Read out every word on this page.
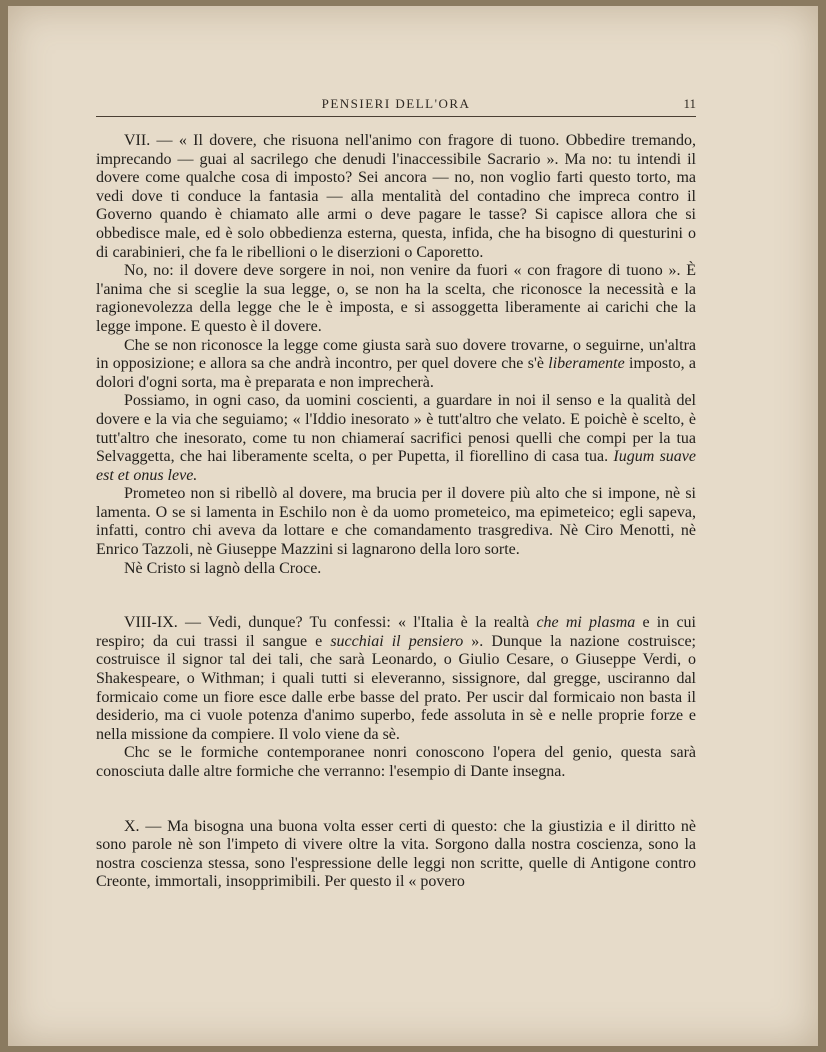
PENSIERI DELL'ORA	11

VII. — « Il dovere, che risuona nell'animo con fragore di tuono. Obbedire tremando, imprecando — guai al sacrilego che denudi l'inaccessibile Sacrario ». Ma no: tu intendi il dovere come qualche cosa di imposto? Sei ancora — no, non voglio farti questo torto, ma vedi dove ti conduce la fantasia — alla mentalità del contadino che impreca contro il Governo quando è chiamato alle armi o deve pagare le tasse? Si capisce allora che si obbedisce male, ed è solo obbedienza esterna, questa, infida, che ha bisogno di questurini o di carabinieri, che fa le ribellioni o le diserzioni o Caporetto.

No, no: il dovere deve sorgere in noi, non venire da fuori « con fragore di tuono ». È l'anima che si sceglie la sua legge, o, se non ha la scelta, che riconosce la necessità e la ragionevolezza della legge che le è imposta, e si assoggetta liberamente ai carichi che la legge impone. E questo è il dovere.

Che se non riconosce la legge come giusta sarà suo dovere trovarne, o seguirne, un'altra in opposizione; e allora sa che andrà incontro, per quel dovere che s'è liberamente imposto, a dolori d'ogni sorta, ma è preparata e non imprecherà.

Possiamo, in ogni caso, da uomini coscienti, a guardare in noi il senso e la qualità del dovere e la via che seguiamo; « l'Iddio inesorato » è tutt'altro che velato. E poichè è scelto, è tutt'altro che inesorato, come tu non chiameraí sacrifici penosi quelli che compi per la tua Selvaggetta, che hai liberamente scelta, o per Pupetta, il fiorellino di casa tua. Iugum suave est et onus leve.

Prometeo non si ribellò al dovere, ma brucia per il dovere più alto che si impone, nè si lamenta. O se si lamenta in Eschilo non è da uomo prometeico, ma epimeteico; egli sapeva, infatti, contro chi aveva da lottare e che comandamento trasgrediva. Nè Ciro Menotti, nè Enrico Tazzoli, nè Giuseppe Mazzini si lagnarono della loro sorte.

Nè Cristo si lagnò della Croce.

VIII-IX. — Vedi, dunque? Tu confessi: « l'Italia è la realtà che mi plasma e in cui respiro; da cui trassi il sangue e succhiai il pensiero ». Dunque la nazione costruisce; costruisce il signor tal dei tali, che sarà Leonardo, o Giulio Cesare, o Giuseppe Verdi, o Shakespeare, o Withman; i quali tutti si eleveranno, sissignore, dal gregge, usciranno dal formicaio come un fiore esce dalle erbe basse del prato. Per uscir dal formicaio non basta il desiderio, ma ci vuole potenza d'animo superbo, fede assoluta in sè e nelle proprie forze e nella missione da compiere. Il volo viene da sè.

Chc se le formiche contemporanee nonri conoscono l'opera del genio, questa sarà conosciuta dalle altre formiche che verranno: l'esempio di Dante insegna.

X. — Ma bisogna una buona volta esser certi di questo: che la giustizia e il diritto nè sono parole nè son l'impeto di vivere oltre la vita. Sorgono dalla nostra coscienza, sono la nostra coscienza stessa, sono l'espressione delle leggi non scritte, quelle di Antigone contro Creonte, immortali, insopprimibili. Per questo il « povero
